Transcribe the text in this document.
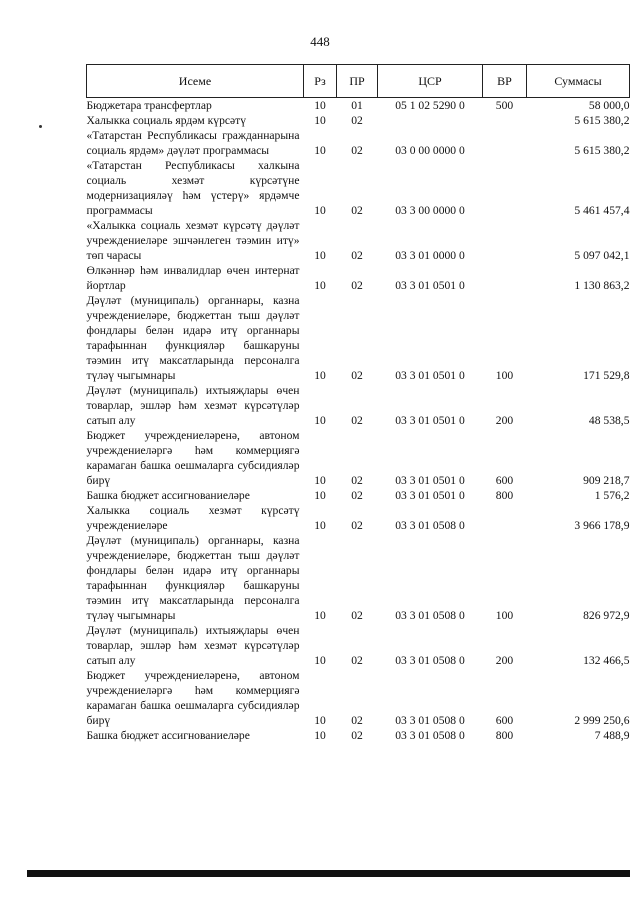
448
Исеме	Рз	ПР	ЦСР	ВР	Суммасы
Бюджетара трансфертлар	10	01	05 1 02 5290 0	500	58 000,0
Халыкка социаль ярдәм күрсәтү	10	02			5 615 380,2
«Татарстан Республикасы гражданнарына социаль ярдәм» дәүләт программасы	10	02	03 0 00 0000 0		5 615 380,2
«Татарстан Республикасы халкына социаль хезмәт күрсәтүне модернизацияләү һәм үстерү» ярдәмче программасы	10	02	03 3 00 0000 0		5 461 457,4
«Халыкка социаль хезмәт күрсәтү дәүләт учреждениеләре эшчәнлеген тәэмин итү» төп чарасы	10	02	03 3 01 0000 0		5 097 042,1
Өлкәннәр һәм инвалидлар өчен интернат йортлар	10	02	03 3 01 0501 0		1 130 863,2
Дәүләт (муниципаль) органнары, казна учреждениеләре, бюджеттан тыш дәүләт фондлары белән идарә итү органнары тарафыннан функцияләр башкаруны тәэмин итү максатларында персоналга түләү чыгымнары	10	02	03 3 01 0501 0	100	171 529,8
Дәүләт (муниципаль) ихтыяҗлары өчен товарлар, эшләр һәм хезмәт күрсәтүләр сатып алу	10	02	03 3 01 0501 0	200	48 538,5
Бюджет учреждениеләренә, автоном учреждениеләргә һәм коммерциягә карамаган башка оешмаларга субсидияләр бирү	10	02	03 3 01 0501 0	600	909 218,7
Башка бюджет ассигнованиеләре	10	02	03 3 01 0501 0	800	1 576,2
Халыкка социаль хезмәт күрсәтү учреждениеләре	10	02	03 3 01 0508 0		3 966 178,9
Дәүләт (муниципаль) органнары, казна учреждениеләре, бюджеттан тыш дәүләт фондлары белән идарә итү органнары тарафыннан функцияләр башкаруны тәэмин итү максатларында персоналга түләү чыгымнары	10	02	03 3 01 0508 0	100	826 972,9
Дәүләт (муниципаль) ихтыяҗлары өчен товарлар, эшләр һәм хезмәт күрсәтүләр сатып алу	10	02	03 3 01 0508 0	200	132 466,5
Бюджет учреждениеләренә, автоном учреждениеләргә һәм коммерциягә карамаган башка оешмаларга субсидияләр бирү	10	02	03 3 01 0508 0	600	2 999 250,6
Башка бюджет ассигнованиеләре	10	02	03 3 01 0508 0	800	7 488,9
